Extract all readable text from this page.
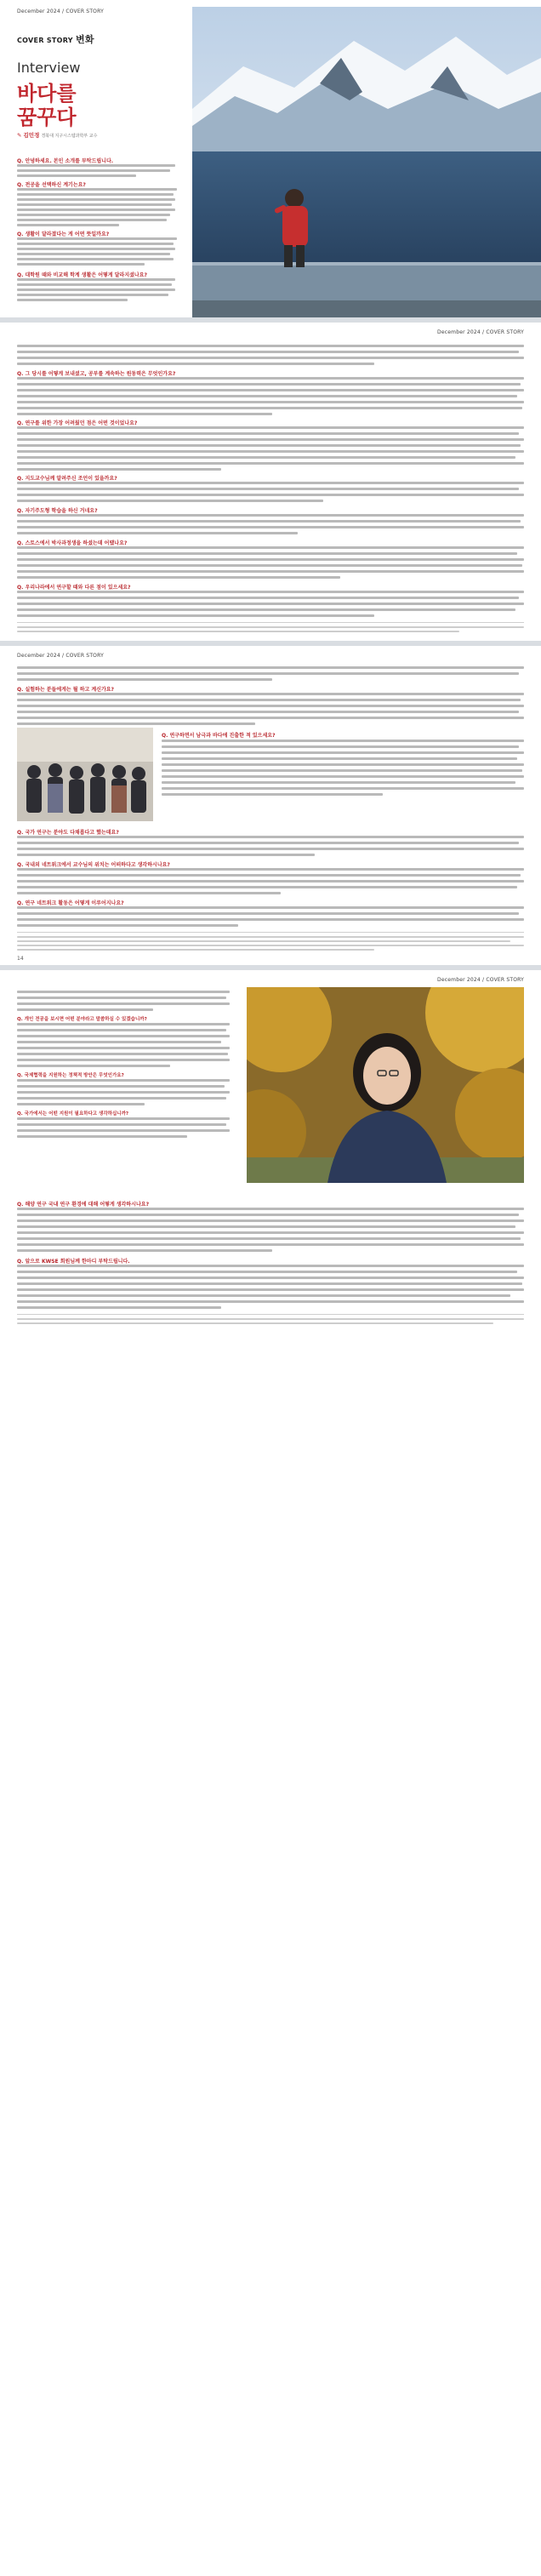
December 2024 / COVER STORY
COVER STORY 변화
Interview
바다를
꿈꾸다
✎ 김민경 경북대 지구시스템과학부 교수
Q. 안녕하세요. 본인 소개를 부탁드립니다.
Q. 전공을 선택하신 계기는요?
Q. 생활이 달라졌다는 게 어떤 뜻일까요?
Q. 대학원 때와 비교해 학계 생활은 어떻게 달라지셨나요?
December 2024 / COVER STORY
Q. 그 당시를 어떻게 보내셨고, 공부를 계속하는 원동력은 무엇인가요?
Q. 연구를 위한 가장 어려웠던 점은 어떤 것이었나요?
Q. 지도교수님께 알려주신 조언이 있을까요?
Q. 자기주도형 학습을 하신 거네요?
Q. 스토스에서 박사과정생을 하셨는데 어땠나요?
Q. 우리나라에서 연구할 때와 다른 점이 있으세요?
December 2024 / COVER STORY
Q. 실험하는 분들에게는 뭘 하고 계신가요?
Q. 연구하면서 남극과 바다에 진출한 적 있으세요?
Q. 국가 연구는 분야도 다채롭다고 했는데요?
Q. 국내외 네트워크에서 교수님의 위치는 어떠하다고 생각하시나요?
Q. 연구 네트워크 활동은 어떻게 이루어지나요?
14
December 2024 / COVER STORY
Q. 개인 전공을 보시면 어떤 분야라고 말씀하실 수 있겠습니까?
Q. 국제협력을 지원하는 정책적 방안은 무엇인가요?
Q. 국가에서는 어떤 지원이 필요하다고 생각하십니까?
Q. 해양 연구 국내 연구 환경에 대해 어떻게 생각하시나요?
Q. 앞으로 KWSE 회원님께 한마디 부탁드립니다.
